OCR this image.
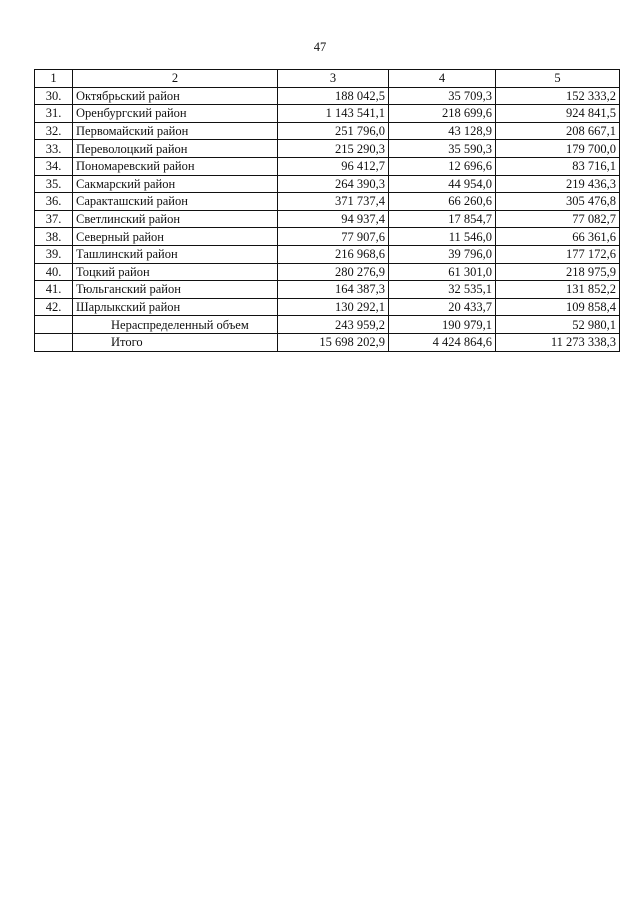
47
1	2	3	4	5
30.	Октябрьский район	188 042,5	35 709,3	152 333,2
31.	Оренбургский район	1 143 541,1	218 699,6	924 841,5
32.	Первомайский район	251 796,0	43 128,9	208 667,1
33.	Переволоцкий район	215 290,3	35 590,3	179 700,0
34.	Пономаревский район	96 412,7	12 696,6	83 716,1
35.	Сакмарский район	264 390,3	44 954,0	219 436,3
36.	Саракташский район	371 737,4	66 260,6	305 476,8
37.	Светлинский район	94 937,4	17 854,7	77 082,7
38.	Северный район	77 907,6	11 546,0	66 361,6
39.	Ташлинский район	216 968,6	39 796,0	177 172,6
40.	Тоцкий район	280 276,9	61 301,0	218 975,9
41.	Тюльганский район	164 387,3	32 535,1	131 852,2
42.	Шарлыкский район	130 292,1	20 433,7	109 858,4
	Нераспределенный объем	243 959,2	190 979,1	52 980,1
	Итого	15 698 202,9	4 424 864,6	11 273 338,3
